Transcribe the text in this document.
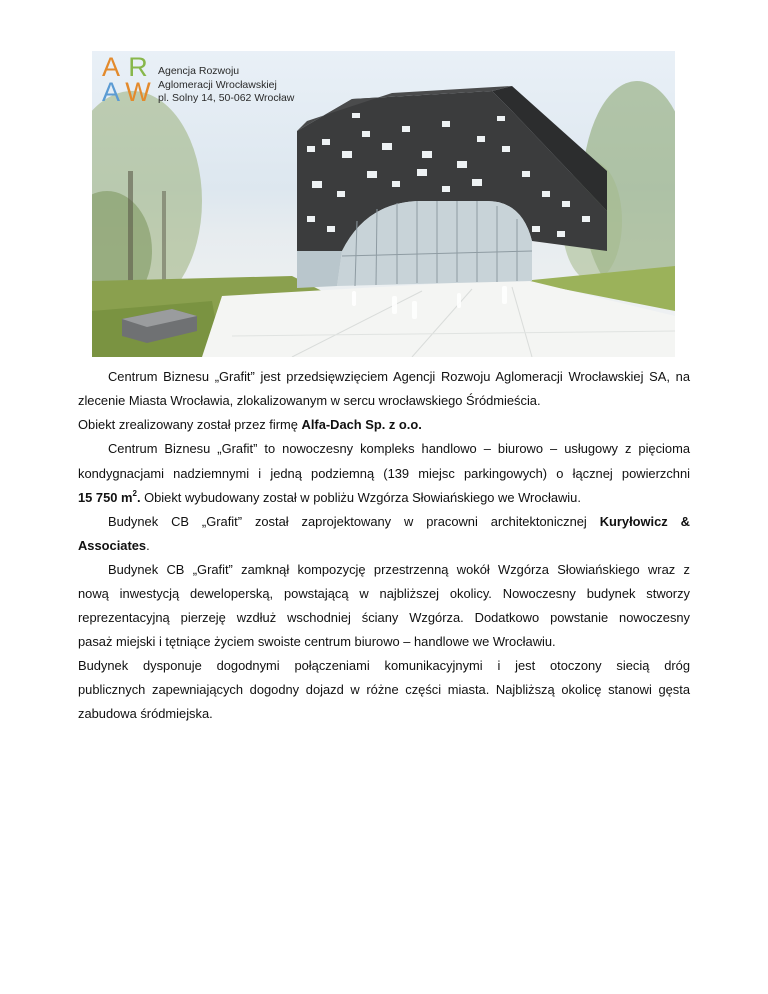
A R
A W
Agencja Rozwoju
Aglomeracji Wrocławskiej
pl. Solny 14, 50-062 Wrocław
Centrum Biznesu „Grafit” jest przedsięwzięciem Agencji Rozwoju Aglomeracji Wrocławskiej SA, na
zlecenie Miasta Wrocławia, zlokalizowanym w sercu wrocławskiego Śródmieścia.
Obiekt zrealizowany został przez firmę Alfa-Dach Sp. z o.o.
Centrum Biznesu „Grafit” to nowoczesny kompleks handlowo – biurowo – usługowy z pięcioma
kondygnacjami nadziemnymi i jedną podziemną (139 miejsc parkingowych) o łącznej powierzchni
15 750 $m^2$. Obiekt wybudowany został w pobliżu Wzgórza Słowiańskiego we Wrocławiu.
Budynek CB „Grafit” został zaprojektowany w pracowni architektonicznej Kuryłowicz &
Associates.
Budynek CB „Grafit” zamknął kompozycję przestrzenną wokół Wzgórza Słowiańskiego wraz z
nową inwestycją deweloperską, powstającą w najbliższej okolicy. Nowoczesny budynek stworzy
reprezentacyjną pierzeję wzdłuż wschodniej ściany Wzgórza. Dodatkowo powstanie nowoczesny
pasaż miejski i tętniące życiem swoiste centrum biurowo – handlowe we Wrocławiu.
Budynek dysponuje dogodnymi połączeniami komunikacyjnymi i jest otoczony siecią dróg
publicznych zapewniających dogodny dojazd w różne części miasta. Najbliższą okolicę stanowi gęsta
zabudowa śródmiejska.
